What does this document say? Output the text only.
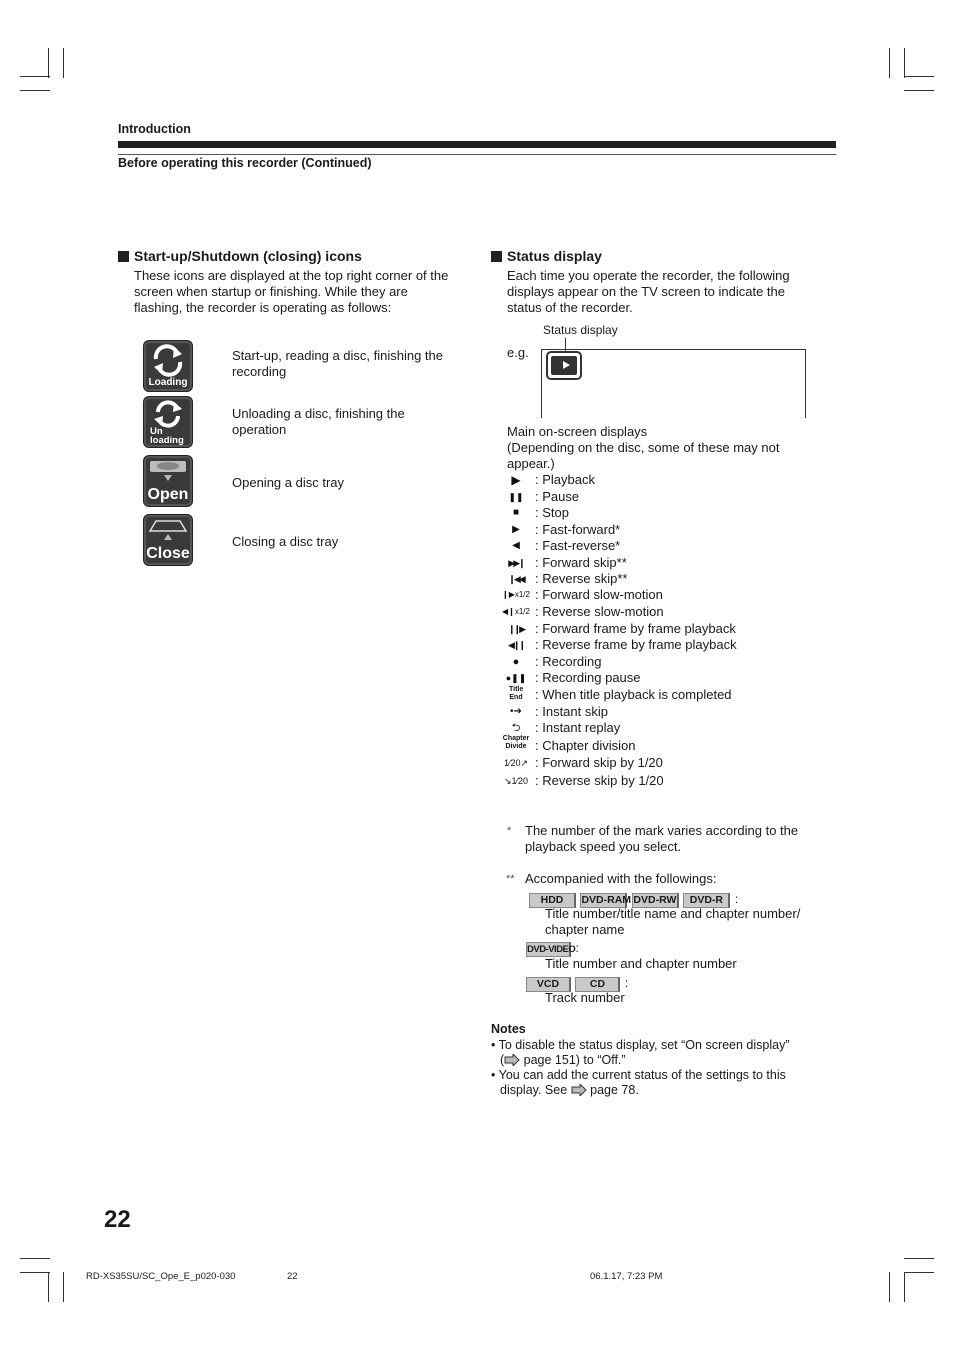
Introduction
Before operating this recorder (Continued)
Start-up/Shutdown (closing) icons
These icons are displayed at the top right corner of the screen when startup or finishing. While they are flashing, the recorder is operating as follows:
Loading
Start-up, reading a disc, finishing the recording
Un loading
Unloading a disc, finishing the operation
Open
Opening a disc tray
Close
Closing a disc tray
Status display
Each time you operate the recorder, the following displays appear on the TV screen to indicate the status of the recorder.
Status display
e.g.
Main on-screen displays
(Depending on the disc, some of these may not appear.)
▶	: Playback
❚❚ : Pause
■	: Stop
▶	: Fast-forward*
◀	: Fast-reverse*
▶▶❙ : Forward skip**
❙◀◀ : Reverse skip**
❙▶x1/2 : Forward slow-motion
◀❙x1/2 : Reverse slow-motion
❙❙▶ : Forward frame by frame playback
◀❙❙ : Reverse frame by frame playback
●	: Recording
●❚❚ : Recording pause
Title End : When title playback is completed
•➔	: Instant skip
⮌	: Instant replay
Chapter Divide : Chapter division
1⁄20↗ : Forward skip by 1/20
↘1⁄20 : Reverse skip by 1/20
* The number of the mark varies according to the playback speed you select.
** Accompanied with the followings:
HDD DVD-RAM DVD-RW DVD-R :
Title number/title name and chapter number/ chapter name
DVD-VIDEO :
Title number and chapter number
VCD	CD :
Track number
Notes
• To disable the status display, set “On screen display”
( page 151) to “Off.”
• You can add the current status of the settings to this
display. See  page 78.
22
RD-XS35SU/SC_Ope_E_p020-030	22	06.1.17, 7:23 PM
